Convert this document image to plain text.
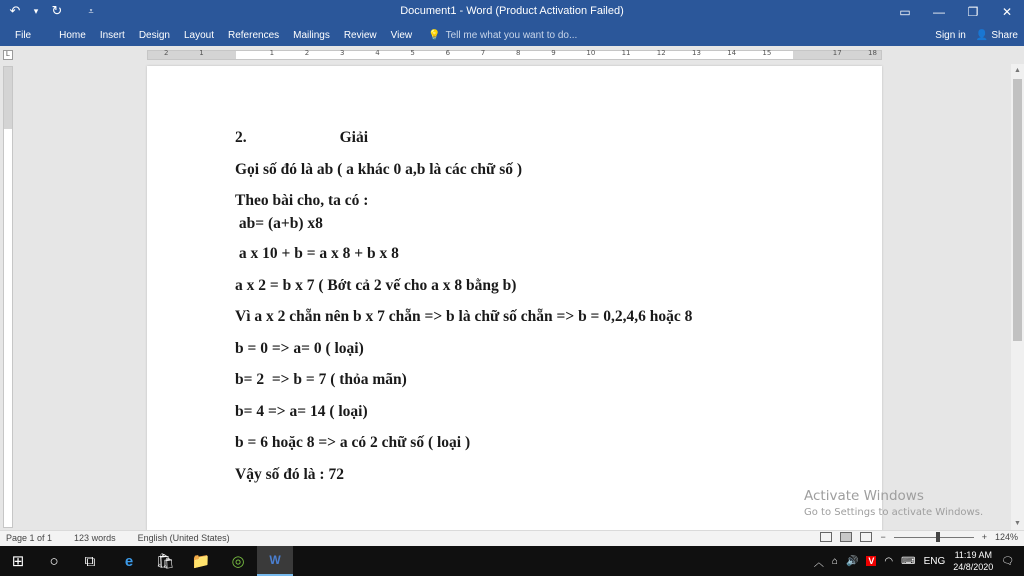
↶	▾ ↻	⩡	Document1 - Word (Product Activation Failed)	▭	—	❐	✕
File	Home Insert Design Layout References Mailings Review View 💡 Tell me what you want to do...	Sign in 👤 Share
L	2	1	1	2	3	4	5	6	7	8	9	10	11	12	13	14	15	17	18
2.                        Giải
Gọi số đó là ab ( a khác 0 a,b là các chữ số )
Theo bài cho, ta có :
ab= (a+b) x8
a x 10 + b = a x 8 + b x 8
a x 2 = b x 7 ( Bớt cả 2 vế cho a x 8 bằng b)
Vì a x 2 chẵn nên b x 7 chẵn => b là chữ số chẵn => b = 0,2,4,6 hoặc 8
b = 0 => a= 0 ( loại)
b= 2  => b = 7 ( thỏa mãn)
b= 4 => a= 14 ( loại)
b = 6 hoặc 8 => a có 2 chữ số ( loại )
Vậy số đó là : 72
▲
▼
Activate Windows
Go to Settings to activate Windows.
Page 1 of 1 123 words English (United States)	−	+ 124%
⊞	○	⧉	e	🛍	📁	◎	W	︿ ⌂ 🔊 V ◠ ⌨ ENG
11:19 AM
24/8/2020
🗨
